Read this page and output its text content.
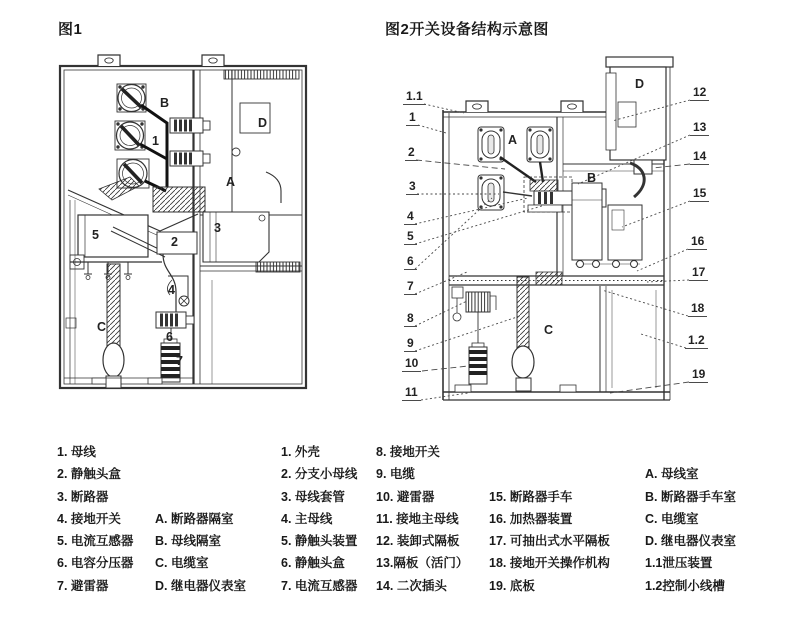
图1	图2开关设备结构示意图
B
1
D
A
3
5	2
4
C
6
7
A
B
C
D
1.1
1
2
3
4
5
6
7
8
9
10
11
12
13
14
15
16
17
18
1.2
19
1. 母线
2. 静触头盒
3. 断路器
4. 接地开关
5. 电流互感器
6. 电容分压器
7. 避雷器
A. 断路器隔室
B. 母线隔室
C. 电缆室
D. 继电器仪表室
1. 外壳
2. 分支小母线
3. 母线套管
4. 主母线
5. 静触头装置
6. 静触头盒
7. 电流互感器
8. 接地开关
9. 电缆
10. 避雷器
11. 接地主母线
12. 装卸式隔板
13.隔板（活门）
14. 二次插头
15. 断路器手车
16. 加热器装置
17. 可抽出式水平隔板
18. 接地开关操作机构
19. 底板
A. 母线室
B. 断路器手车室
C. 电缆室
D. 继电器仪表室
1.1泄压装置
1.2控制小线槽
